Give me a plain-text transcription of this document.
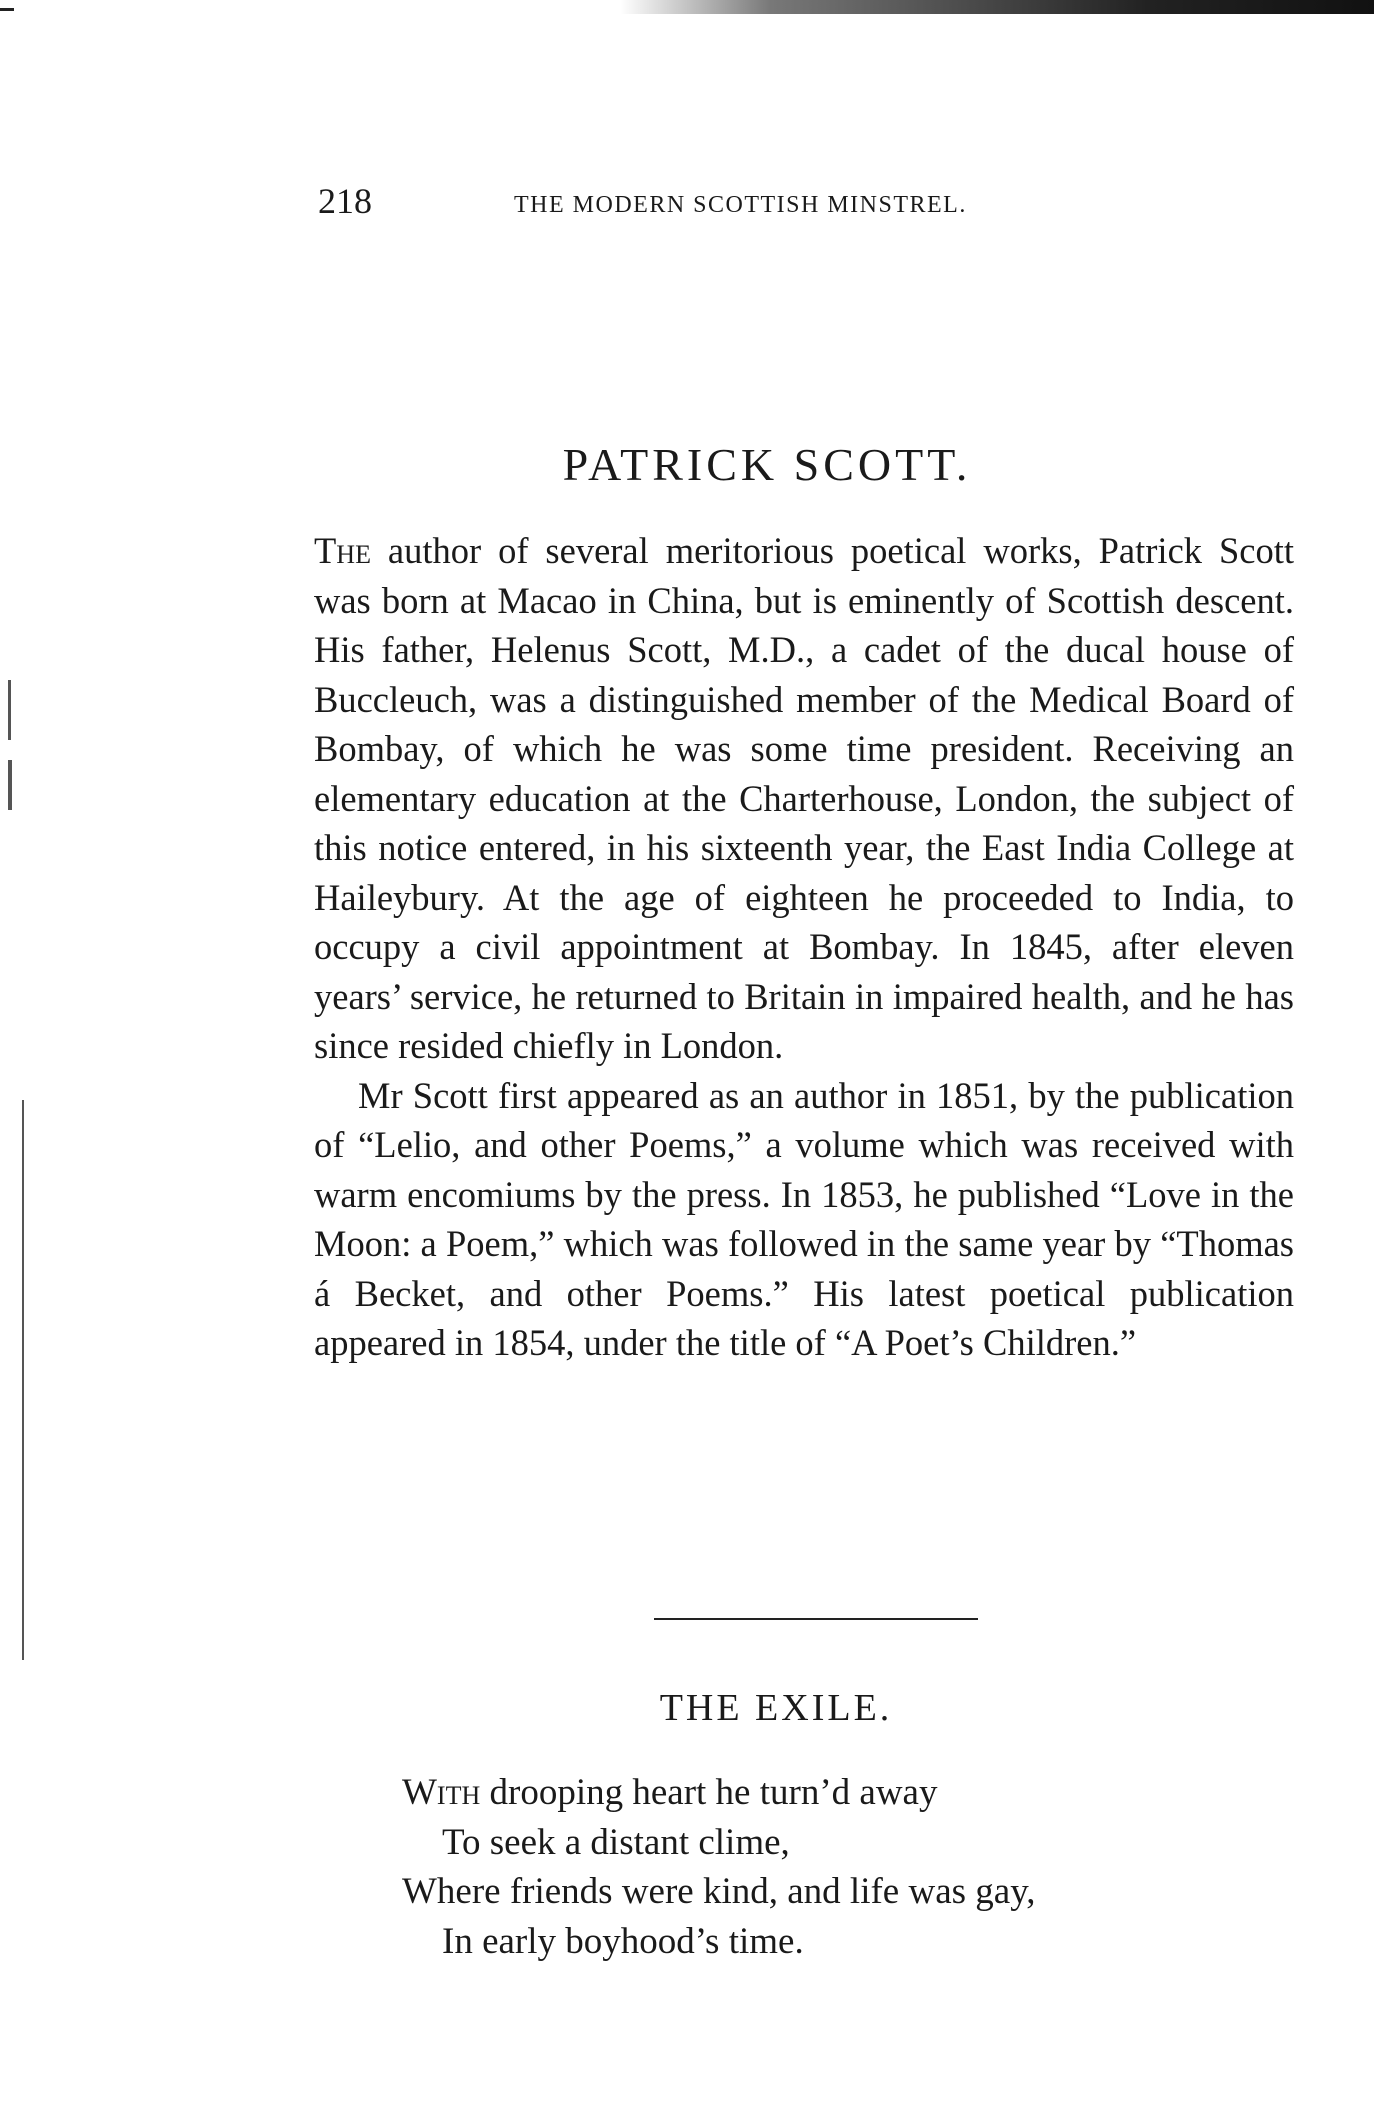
218	THE MODERN SCOTTISH MINSTREL.
PATRICK SCOTT.

The author of several meritorious poetical works, Patrick Scott was born at Macao in China, but is eminently of Scottish descent. His father, Helenus Scott, M.D., a cadet of the ducal house of Buccleuch, was a distinguished member of the Medical Board of Bombay, of which he was some time president. Receiving an elementary education at the Charterhouse, London, the subject of this notice entered, in his sixteenth year, the East India College at Haileybury. At the age of eighteen he proceeded to India, to occupy a civil appointment at Bombay. In 1845, after eleven years’ service, he returned to Britain in impaired health, and he has since resided chiefly in London.

Mr Scott first appeared as an author in 1851, by the publication of “Lelio, and other Poems,” a volume which was received with warm encomiums by the press. In 1853, he published “Love in the Moon: a Poem,” which was followed in the same year by “Thomas á Becket, and other Poems.” His latest poetical publication appeared in 1854, under the title of “A Poet’s Children.”

THE EXILE.
With drooping heart he turn’d away
To seek a distant clime,
Where friends were kind, and life was gay,
In early boyhood’s time.
